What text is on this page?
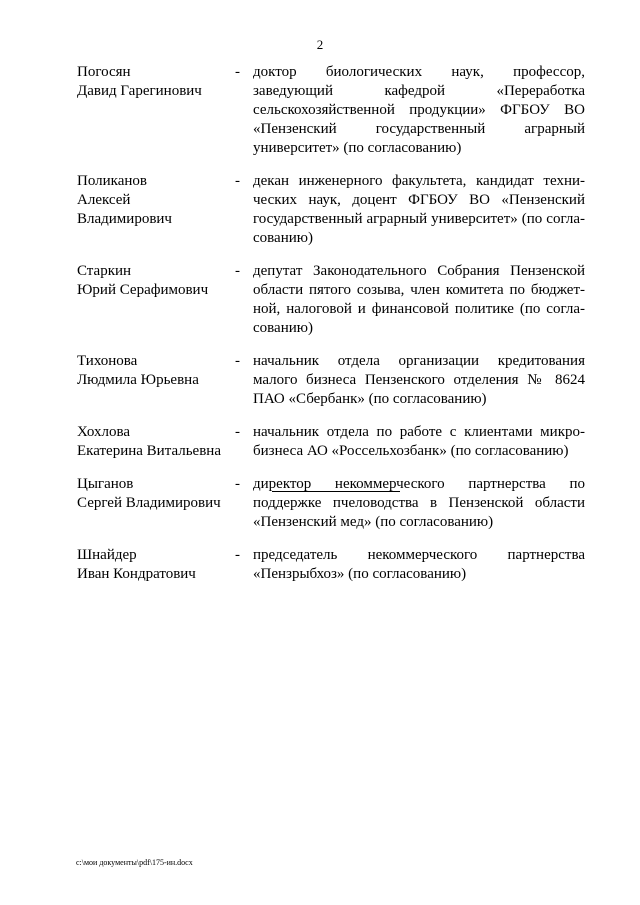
2
Погосян
Давид Гарегинович
- доктор биологических наук, профессор, заведующий кафедрой «Переработка сельскохозяйственной продукции» ФГБОУ ВО «Пензенский государственный аграрный университет» (по согласованию)
Поликанов
Алексей
Владимирович
- декан инженерного факультета, кандидат технических наук, доцент ФГБОУ ВО «Пензенский государственный аграрный университет» (по согласованию)
Старкин
Юрий Серафимович
- депутат Законодательного Собрания Пензенской области пятого созыва, член комитета по бюджетной, налоговой и финансовой политике (по согласованию)
Тихонова
Людмила Юрьевна
- начальник отдела организации кредитования малого бизнеса Пензенского отделения № 8624 ПАО «Сбербанк» (по согласованию)
Хохлова
Екатерина Витальевна
- начальник отдела по работе с клиентами микробизнеса АО «Россельхозбанк» (по согласованию)
Цыганов
Сергей Владимирович
- директор некоммерческого партнерства по поддержке пчеловодства в Пензенской области «Пензенский мед» (по согласованию)
Шнайдер
Иван Кондратович
- председатель некоммерческого партнерства «Пензрыбхоз» (по согласованию)
c:\мои документы\pdf\175-ин.docx
